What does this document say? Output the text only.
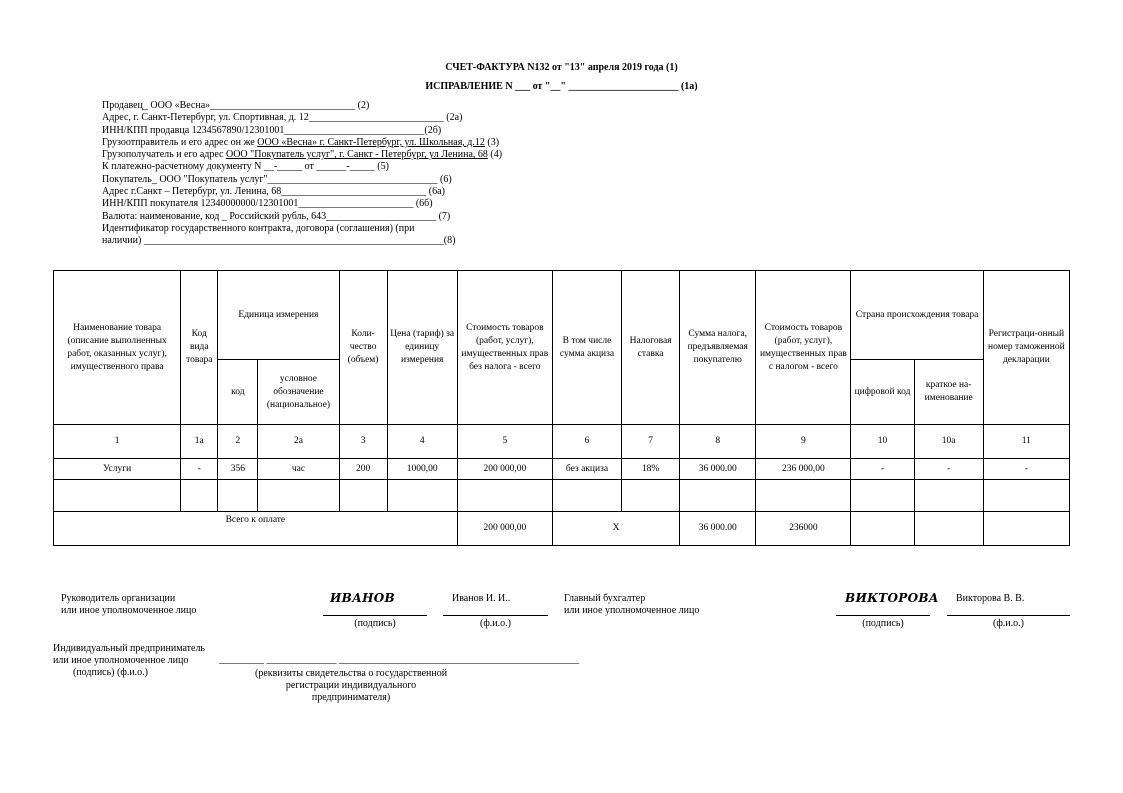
СЧЕТ-ФАКТУРА N132 от "13" апреля 2019 года (1)
ИСПРАВЛЕНИЕ N ___ от "__" ______________________ (1а)
Продавец_ ООО «Весна»_____________________________ (2)
Адрес, г. Санкт-Петербург, ул. Спортивная, д. 12___________________________ (2а)
ИНН/КПП продавца 1234567890/12301001____________________________(2б)
Грузоотправитель и его адрес он же ООО «Весна» г. Санкт-Петербург, ул. Школьная, д.12 (3)
Грузополучатель и его адрес ООО "Покупатель услуг", г. Санкт - Петербург, ул Ленина, 68 (4)
К платежно-расчетному документу N __-_____ от ______-_____ (5)
Покупатель_ ООО "Покупатель услуг"__________________________________ (6)
Адрес г.Санкт – Петербург, ул. Ленина, 68_____________________________ (6а)
ИНН/КПП покупателя 12340000000/12301001_______________________ (6б)
Валюта: наименование, код _ Российский рубль, 643______________________ (7)
Идентификатор государственного контракта, договора (соглашения) (при
наличии) ____________________________________________________________(8)
Наименование товара (описание выполненных работ, оказанных услуг), имущественного права	Код вида товара	Единица измерения		Коли-чество (объем)	Цена (тариф) за единицу измерения	Стоимость товаров (работ, услуг), имущественных прав без налога - всего	В том числе сумма акциза	Налоговая ставка	Сумма налога, предъявляемая покупателю	Стоимость товаров (работ, услуг), имущественных прав с налогом - всего	Страна происхождения товара		Регистраци-онный номер таможенной декларации
		код	условное обозначение (национальное)								цифровой код	краткое на-именование	
1	1а	2	2а	3	4	5	6	7	8	9	10	10а	11
Услуги	-	356	час	200	1000,00	200 000,00	без акциза	18%	36 000.00	236 000,00	-	-	-

Всего к оплате						200 000,00	X		36 000.00	236000			
Руководитель организации
или иное уполномоченное лицо
ИВАНОВ	Иванов И. И..
(подпись)	(ф.и.о.)
Главный бухгалтер
или иное уполномоченное лицо
ВИКТОРОВА Викторова В. В.
(подпись)	(ф.и.о.)
Индивидуальный предприниматель
или иное уполномоченное лицо
(подпись) (ф.и.о.)
_________ ______________ ________________________________________________
(реквизиты свидетельства о государственной
регистрации индивидуального
предпринимателя)
